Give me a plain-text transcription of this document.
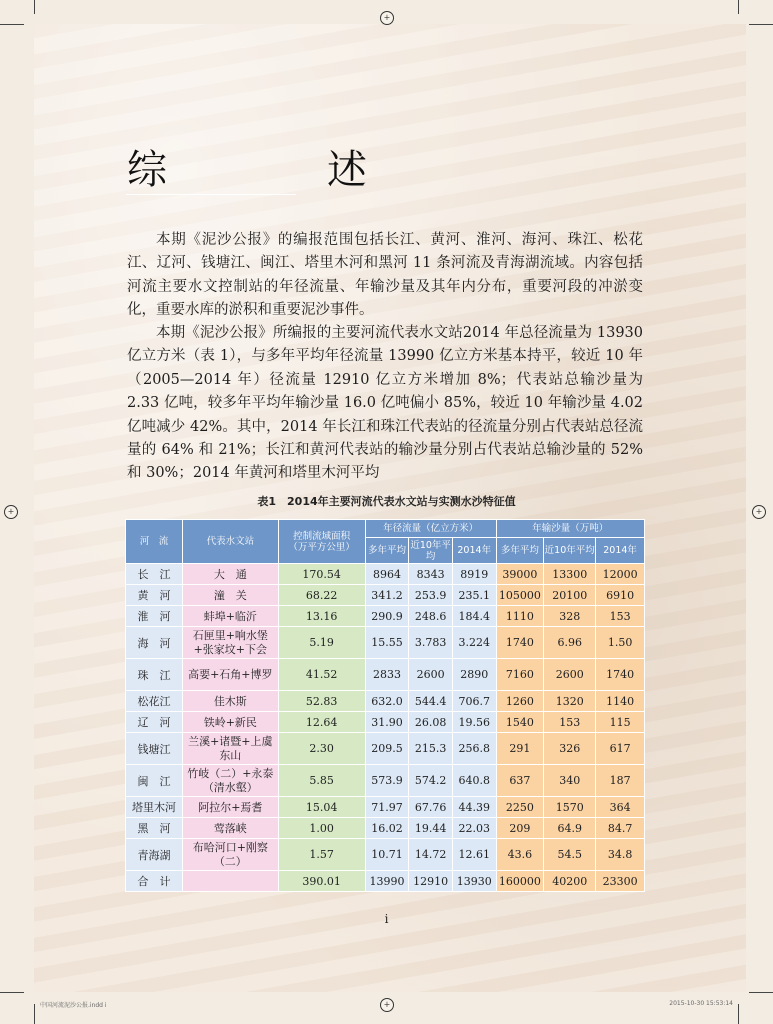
+
+	+
+
综　述
本期《泥沙公报》的编报范围包括长江、黄河、淮河、海河、珠江、松花江、辽河、钱塘江、闽江、塔里木河和黑河 11 条河流及青海湖流域。内容包括河流主要水文控制站的年径流量、年输沙量及其年内分布，重要河段的冲淤变化，重要水库的淤积和重要泥沙事件。
本期《泥沙公报》所编报的主要河流代表水文站2014 年总径流量为 13930 亿立方米（表 1），与多年平均年径流量 13990 亿立方米基本持平，较近 10 年（2005—2014 年）径流量 12910 亿立方米增加 8%；代表站总输沙量为 2.33 亿吨，较多年平均年输沙量 16.0 亿吨偏小 85%，较近 10 年输沙量 4.02 亿吨减少 42%。其中，2014 年长江和珠江代表站的径流量分别占代表站总径流量的 64% 和 21%；长江和黄河代表站的输沙量分别占代表站总输沙量的 52% 和 30%；2014 年黄河和塔里木河平均
表1　2014年主要河流代表水文站与实测水沙特征值
河　流	代表水文站	控制流域面积（万平方公里）	年径流量（亿立方米）			年输沙量（万吨）		
			多年平均	近10年平均	2014年	多年平均	近10年平均	2014年
长　江	大　通	170.54	8964	8343	8919	39000	13300	12000
黄　河	潼　关	68.22	341.2	253.9	235.1	105000	20100	6910
淮　河	蚌埠+临沂	13.16	290.9	248.6	184.4	1110	328	153
海　河	石匣里+响水堡+张家坟+下会	5.19	15.55	3.783	3.224	1740	6.96	1.50
珠　江	高要+石角+博罗	41.52	2833	2600	2890	7160	2600	1740
松花江	佳木斯	52.83	632.0	544.4	706.7	1260	1320	1140
辽　河	铁岭+新民	12.64	31.90	26.08	19.56	1540	153	115
钱塘江	兰溪+诸暨+上虞东山	2.30	209.5	215.3	256.8	291	326	617
闽　江	竹岐（二）+永泰（清水壑）	5.85	573.9	574.2	640.8	637	340	187
塔里木河	阿拉尔+焉耆	15.04	71.97	67.76	44.39	2250	1570	364
黑　河	莺落峡	1.00	16.02	19.44	22.03	209	64.9	84.7
青海湖	布哈河口+刚察（二）	1.57	10.71	14.72	12.61	43.6	54.5	34.8
合　计		390.01	13990	12910	13930	160000	40200	23300
i
中国河流泥沙公报.indd i	2015-10-30 15:53:14
